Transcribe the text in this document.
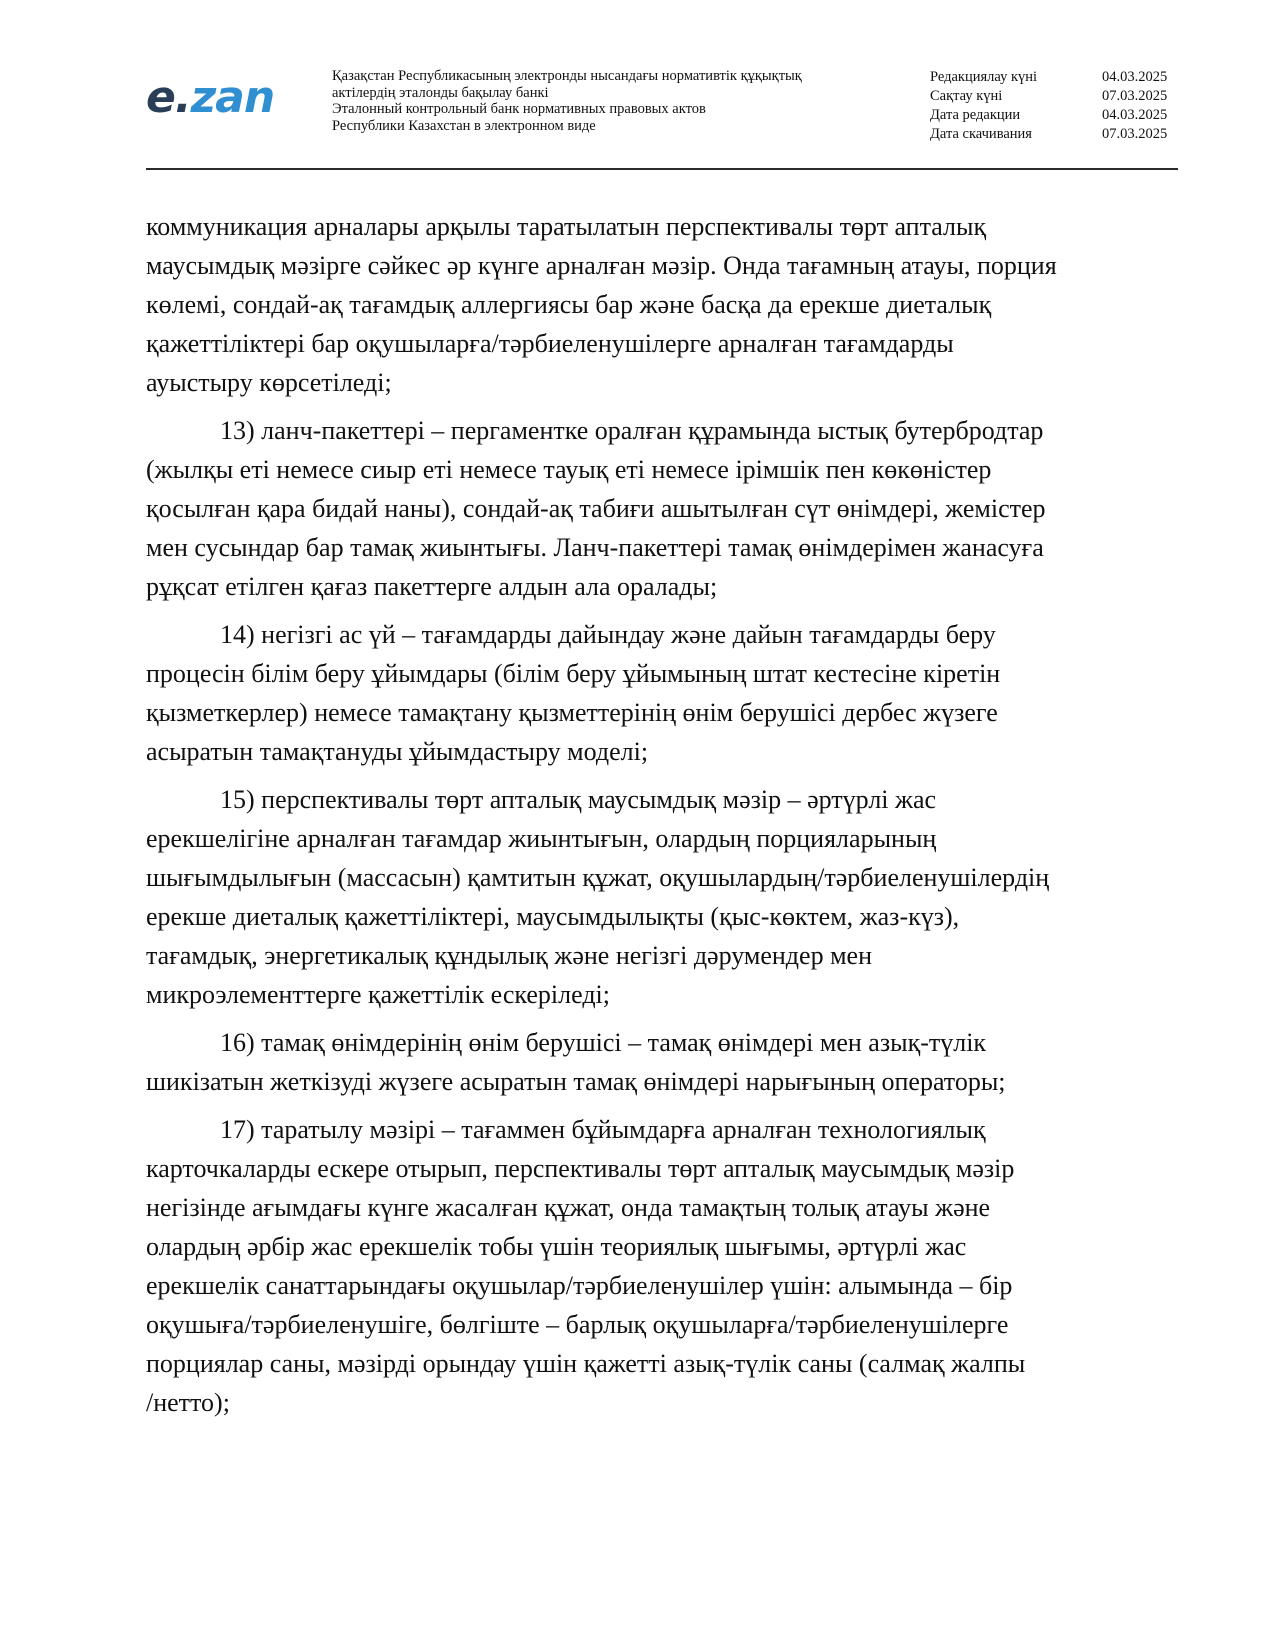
e.zan	Қазақстан Республикасының электронды нысандағы нормативтік құқықтық
актілердің эталонды бақылау банкі
Эталонный контрольный банк нормативных правовых актов
Республики Казахстан в электронном виде
Редакциялау күні	04.03.2025
Сақтау күні	07.03.2025
Дата редакции	04.03.2025
Дата скачивания	07.03.2025
коммуникация арналары арқылы таратылатын перспективалы төрт апталық
маусымдық мәзірге сәйкес әр күнге арналған мәзір. Онда тағамның атауы, порция
көлемі, сондай-ақ тағамдық аллергиясы бар және басқа да ерекше диеталық
қажеттіліктері бар оқушыларға/тәрбиеленушілерге арналған тағамдарды
ауыстыру көрсетіледі;
13) ланч-пакеттері – пергаментке оралған құрамында ыстық бутербродтар
(жылқы еті немесе сиыр еті немесе тауық еті немесе ірімшік пен көкөністер
қосылған қара бидай наны), сондай-ақ табиғи ашытылған сүт өнімдері, жемістер
мен сусындар бар тамақ жиынтығы. Ланч-пакеттері тамақ өнімдерімен жанасуға
рұқсат етілген қағаз пакеттерге алдын ала оралады;
14) негізгі ас үй – тағамдарды дайындау және дайын тағамдарды беру
процесін білім беру ұйымдары (білім беру ұйымының штат кестесіне кіретін
қызметкерлер) немесе тамақтану қызметтерінің өнім берушісі дербес жүзеге
асыратын тамақтануды ұйымдастыру моделі;
15) перспективалы төрт апталық маусымдық мәзір – әртүрлі жас
ерекшелігіне арналған тағамдар жиынтығын, олардың порцияларының
шығымдылығын (массасын) қамтитын құжат, оқушылардың/тәрбиеленушілердің
ерекше диеталық қажеттіліктері, маусымдылықты (қыс-көктем, жаз-күз),
тағамдық, энергетикалық құндылық және негізгі дәрумендер мен
микроэлементтерге қажеттілік ескеріледі;
16) тамақ өнімдерінің өнім берушісі – тамақ өнімдері мен азық-түлік
шикізатын жеткізуді жүзеге асыратын тамақ өнімдері нарығының операторы;
17) таратылу мәзірі – тағаммен бұйымдарға арналған технологиялық
карточкаларды ескере отырып, перспективалы төрт апталық маусымдық мәзір
негізінде ағымдағы күнге жасалған құжат, онда тамақтың толық атауы және
олардың әрбір жас ерекшелік тобы үшін теориялық шығымы, әртүрлі жас
ерекшелік санаттарындағы оқушылар/тәрбиеленушілер үшін: алымында – бір
оқушыға/тәрбиеленушіге, бөлгіште – барлық оқушыларға/тәрбиеленушілерге
порциялар саны, мәзірді орындау үшін қажетті азық-түлік саны (салмақ жалпы
/нетто);
